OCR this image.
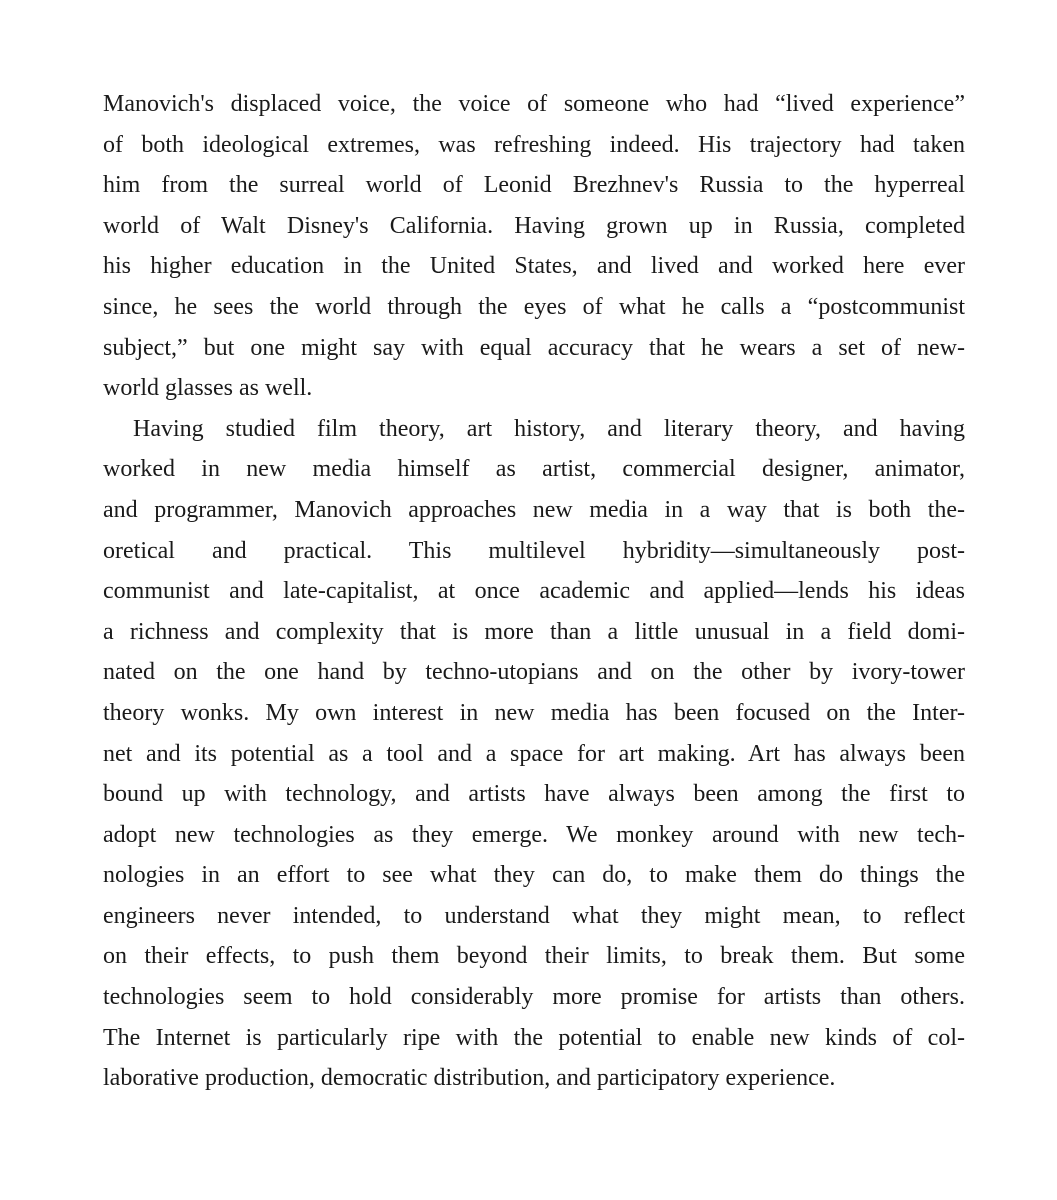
Manovich's displaced voice, the voice of someone who had “lived experience”
of both ideological extremes, was refreshing indeed. His trajectory had taken
him from the surreal world of Leonid Brezhnev's Russia to the hyperreal
world of Walt Disney's California. Having grown up in Russia, completed
his higher education in the United States, and lived and worked here ever
since, he sees the world through the eyes of what he calls a “postcommunist
subject,” but one might say with equal accuracy that he wears a set of new-
world glasses as well.
Having studied film theory, art history, and literary theory, and having
worked in new media himself as artist, commercial designer, animator,
and programmer, Manovich approaches new media in a way that is both the-
oretical and practical. This multilevel hybridity—simultaneously post-
communist and late-capitalist, at once academic and applied—lends his ideas
a richness and complexity that is more than a little unusual in a field domi-
nated on the one hand by techno-utopians and on the other by ivory-tower
theory wonks. My own interest in new media has been focused on the Inter-
net and its potential as a tool and a space for art making. Art has always been
bound up with technology, and artists have always been among the first to
adopt new technologies as they emerge. We monkey around with new tech-
nologies in an effort to see what they can do, to make them do things the
engineers never intended, to understand what they might mean, to reflect
on their effects, to push them beyond their limits, to break them. But some
technologies seem to hold considerably more promise for artists than others.
The Internet is particularly ripe with the potential to enable new kinds of col-
laborative production, democratic distribution, and participatory experience.
